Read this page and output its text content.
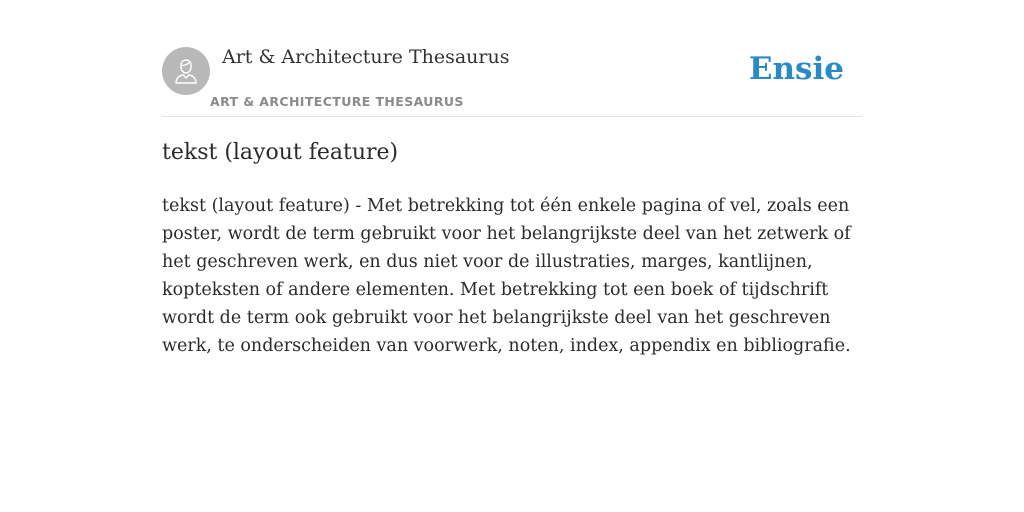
Art & Architecture Thesaurus
ART & ARCHITECTURE THESAURUS
Ensie
tekst (layout feature)

tekst (layout feature) - Met betrekking tot één enkele pagina of vel, zoals een poster, wordt de term gebruikt voor het belangrijkste deel van het zetwerk of het geschreven werk, en dus niet voor de illustraties, marges, kantlijnen, kopteksten of andere elementen. Met betrekking tot een boek of tijdschrift wordt de term ook gebruikt voor het belangrijkste deel van het geschreven werk, te onderscheiden van voorwerk, noten, index, appendix en bibliografie.
